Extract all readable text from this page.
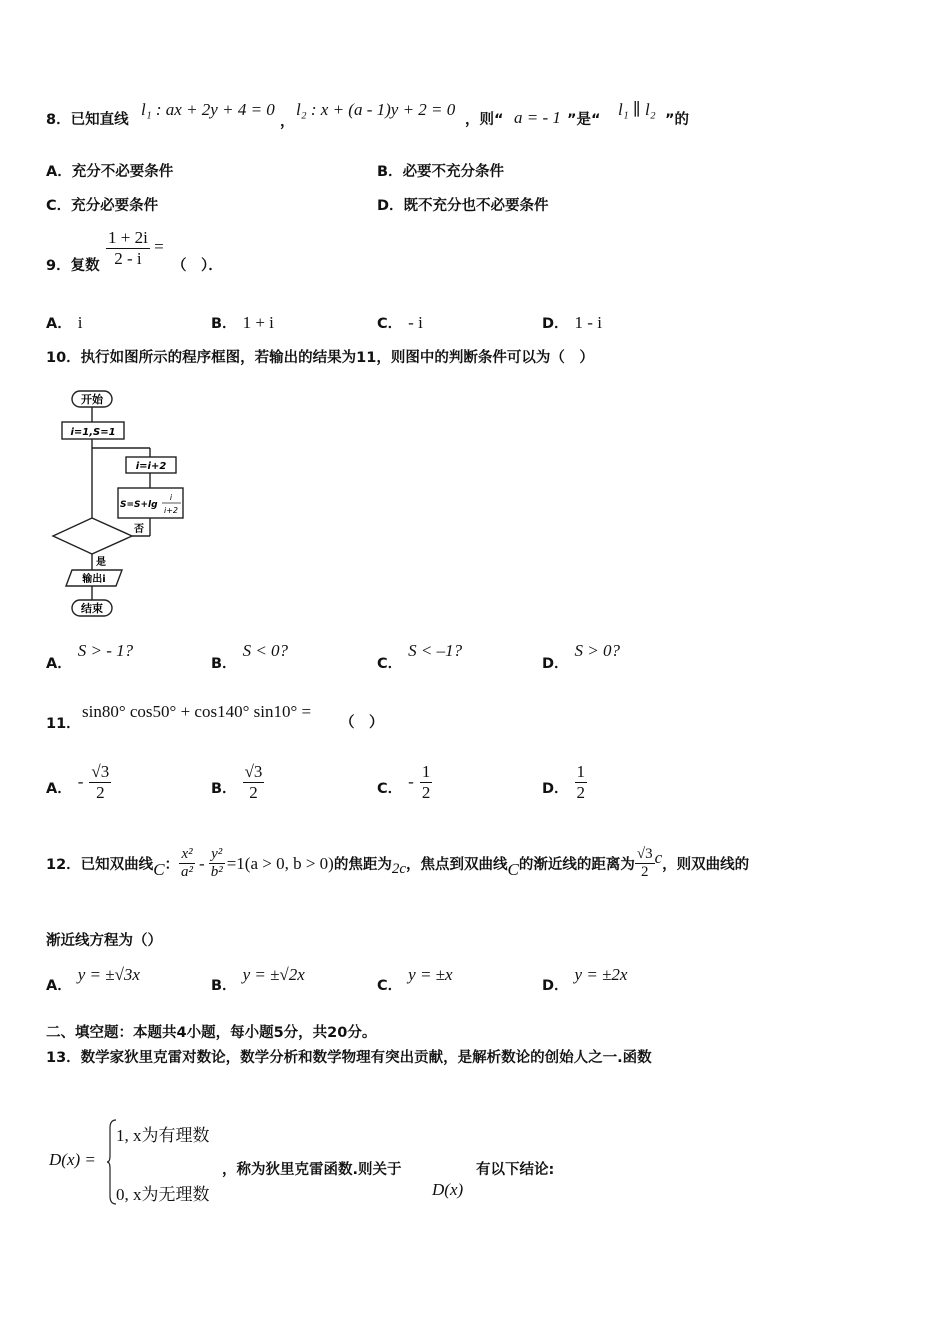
8．已知直线
l₁ : ax + 2y + 4 = 0
，
l₂ : x + (a - 1)y + 2 = 0
，则“ a = - 1 ”是“
l₁ ∥ l₂
”的
A．充分不必要条件	B．必要不充分条件
C．充分必要条件	D．既不充分也不必要条件
9．复数 $\frac{1 + 2i}{2 - i}$ =
（　）．
A． i	B． 1 + i	C． - i	D． 1 - i
10．执行如图所示的程序框图，若输出的结果为11，则图中的判断条件可以为（　）
开始
i=1,S=1
i=i+2
S=S+lg
i
i+2
否
是
输出i
结束
A．S > - 1?
B．S < 0?
C．S < –1?
D．S > 0?
11．
sin80° cos50° + cos140° sin10° =
（　）
A． - $\frac{√3}{2}$	B． $\frac{√3}{2}$	C． - $\frac{1}{2}$	D． $\frac{1}{2}$
12．已知双曲线 C ： $\frac{\text{x²}}{\text{a²}} - \frac{\text{y²}}{\text{b²}} =1(a > 0$, b > 0) 的焦距为 2c ，焦点到双曲线 C 的渐近线的距离为 $\frac{√3}{2}$ c ，则双曲线的
渐近线方程为（）
A．y = ±√3x
B．y = ±√2x
C．y = ±x
D．y = ±2x
二、填空题：本题共4小题，每小题5分，共20分。
13．数学家狄里克雷对数论，数学分析和数学物理有突出贡献，是解析数论的创始人之一.函数
D(x) =
1, x为有理数
0, x为无理数
，称为狄里克雷函数.则关于
D(x)
有以下结论:
